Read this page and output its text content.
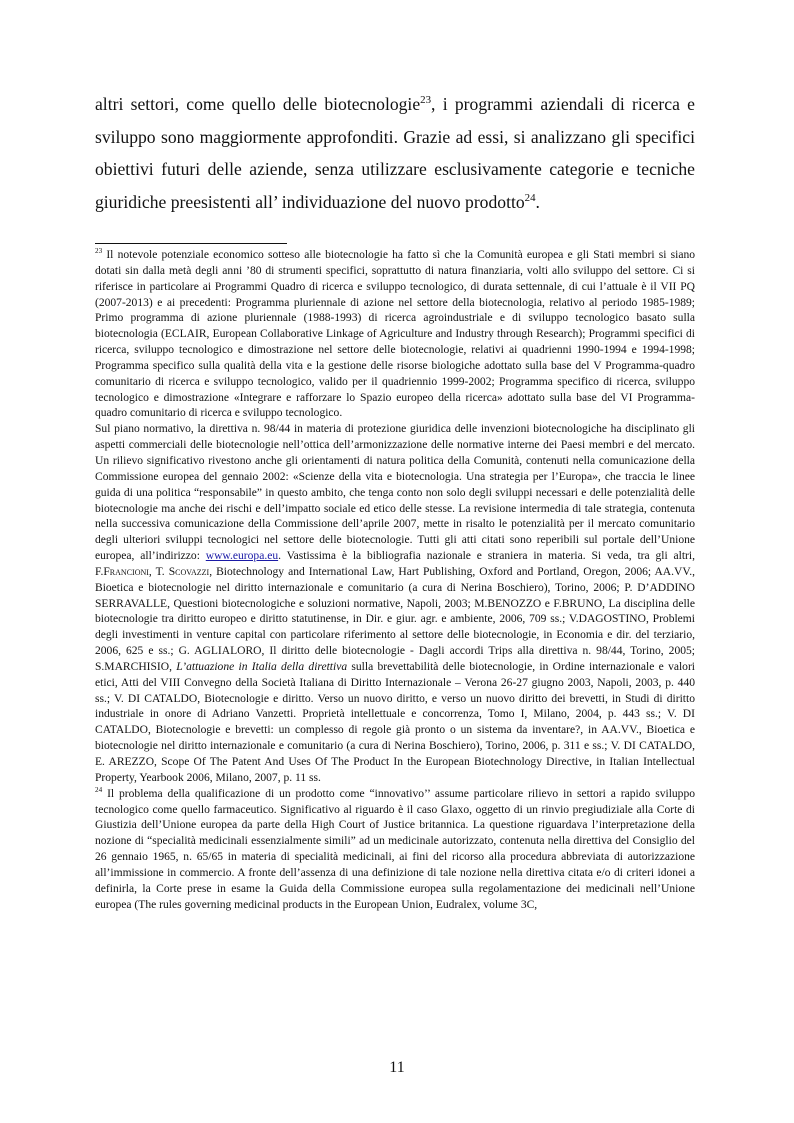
altri settori, come quello delle biotecnologie$^{23}$, i programmi aziendali di ricerca e sviluppo sono maggiormente approfonditi. Grazie ad essi, si analizzano gli specifici obiettivi futuri delle aziende, senza utilizzare esclusivamente categorie e tecniche giuridiche preesistenti all’ individuazione del nuovo prodotto$^{24}$.

$^{23}$ Il notevole potenziale economico sotteso alle biotecnologie ha fatto sì che la Comunità europea e gli Stati membri si siano dotati sin dalla metà degli anni ’80 di strumenti specifici, soprattutto di natura finanziaria, volti allo sviluppo del settore. Ci si riferisce in particolare ai Programmi Quadro di ricerca e sviluppo tecnologico, di durata settennale, di cui l’attuale è il VII PQ (2007-2013) e ai precedenti: Programma pluriennale di azione nel settore della biotecnologia, relativo al periodo 1985-1989; Primo programma di azione pluriennale (1988-1993) di ricerca agroindustriale e di sviluppo tecnologico basato sulla biotecnologia (ECLAIR, European Collaborative Linkage of Agriculture and Industry through Research); Programmi specifici di ricerca, sviluppo tecnologico e dimostrazione nel settore delle biotecnologie, relativi ai quadrienni 1990-1994 e 1994-1998; Programma specifico sulla qualità della vita e la gestione delle risorse biologiche adottato sulla base del V Programma-quadro comunitario di ricerca e sviluppo tecnologico, valido per il quadriennio 1999-2002; Programma specifico di ricerca, sviluppo tecnologico e dimostrazione «Integrare e rafforzare lo Spazio europeo della ricerca» adottato sulla base del VI Programma-quadro comunitario di ricerca e sviluppo tecnologico.

Sul piano normativo, la direttiva n. 98/44 in materia di protezione giuridica delle invenzioni biotecnologiche ha disciplinato gli aspetti commerciali delle biotecnologie nell’ottica dell’armonizzazione delle normative interne dei Paesi membri e del mercato. Un rilievo significativo rivestono anche gli orientamenti di natura politica della Comunità, contenuti nella comunicazione della Commissione europea del gennaio 2002: «Scienze della vita e biotecnologia. Una strategia per l’Europa», che traccia le linee guida di una politica “responsabile” in questo ambito, che tenga conto non solo degli sviluppi necessari e delle potenzialità delle biotecnologie ma anche dei rischi e dell’impatto sociale ed etico delle stesse. La revisione intermedia di tale strategia, contenuta nella successiva comunicazione della Commissione dell’aprile 2007, mette in risalto le potenzialità per il mercato comunitario degli ulteriori sviluppi tecnologici nel settore delle biotecnologie. Tutti gli atti citati sono reperibili sul portale dell’Unione europea, all’indirizzo: www.europa.eu. Vastissima è la bibliografia nazionale e straniera in materia. Si veda, tra gli altri, F.Francioni, T. Scovazzi, Biotechnology and International Law, Hart Publishing, Oxford and Portland, Oregon, 2006; AA.VV., Bioetica e biotecnologie nel diritto internazionale e comunitario (a cura di Nerina Boschiero), Torino, 2006; P. D’ADDINO SERRAVALLE, Questioni biotecnologiche e soluzioni normative, Napoli, 2003; M.BENOZZO e F.BRUNO, La disciplina delle biotecnologie tra diritto europeo e diritto statutinense, in Dir. e giur. agr. e ambiente, 2006, 709 ss.; V.DAGOSTINO, Problemi degli investimenti in venture capital con particolare riferimento al settore delle biotecnologie, in Economia e dir. del terziario, 2006, 625 e ss.; G. AGLIALORO, Il diritto delle biotecnologie - Dagli accordi Trips alla direttiva n. 98/44, Torino, 2005; S.MARCHISIO, L’attuazione in Italia della direttiva sulla brevettabilità delle biotecnologie, in Ordine internazionale e valori etici, Atti del VIII Convegno della Società Italiana di Diritto Internazionale – Verona 26-27 giugno 2003, Napoli, 2003, p. 440 ss.; V. DI CATALDO, Biotecnologie e diritto. Verso un nuovo diritto, e verso un nuovo diritto dei brevetti, in Studi di diritto industriale in onore di Adriano Vanzetti. Proprietà intellettuale e concorrenza, Tomo I, Milano, 2004, p. 443 ss.; V. DI CATALDO, Biotecnologie e brevetti: un complesso di regole già pronto o un sistema da inventare?, in AA.VV., Bioetica e biotecnologie nel diritto internazionale e comunitario (a cura di Nerina Boschiero), Torino, 2006, p. 311 e ss.; V. DI CATALDO, E. AREZZO, Scope Of The Patent And Uses Of The Product In the European Biotechnology Directive, in Italian Intellectual Property, Yearbook 2006, Milano, 2007, p. 11 ss.

$^{24}$ Il problema della qualificazione di un prodotto come “innovativo’’ assume particolare rilievo in settori a rapido sviluppo tecnologico come quello farmaceutico. Significativo al riguardo è il caso Glaxo, oggetto di un rinvio pregiudiziale alla Corte di Giustizia dell’Unione europea da parte della High Court of Justice britannica. La questione riguardava l’interpretazione della nozione di “specialità medicinali essenzialmente simili” ad un medicinale autorizzato, contenuta nella direttiva del Consiglio del 26 gennaio 1965, n. 65/65 in materia di specialità medicinali, ai fini del ricorso alla procedura abbreviata di autorizzazione all’immissione in commercio. A fronte dell’assenza di una definizione di tale nozione nella direttiva citata e/o di criteri idonei a definirla, la Corte prese in esame la Guida della Commissione europea sulla regolamentazione dei medicinali nell’Unione europea (The rules governing medicinal products in the European Union, Eudralex, volume 3C,

11
